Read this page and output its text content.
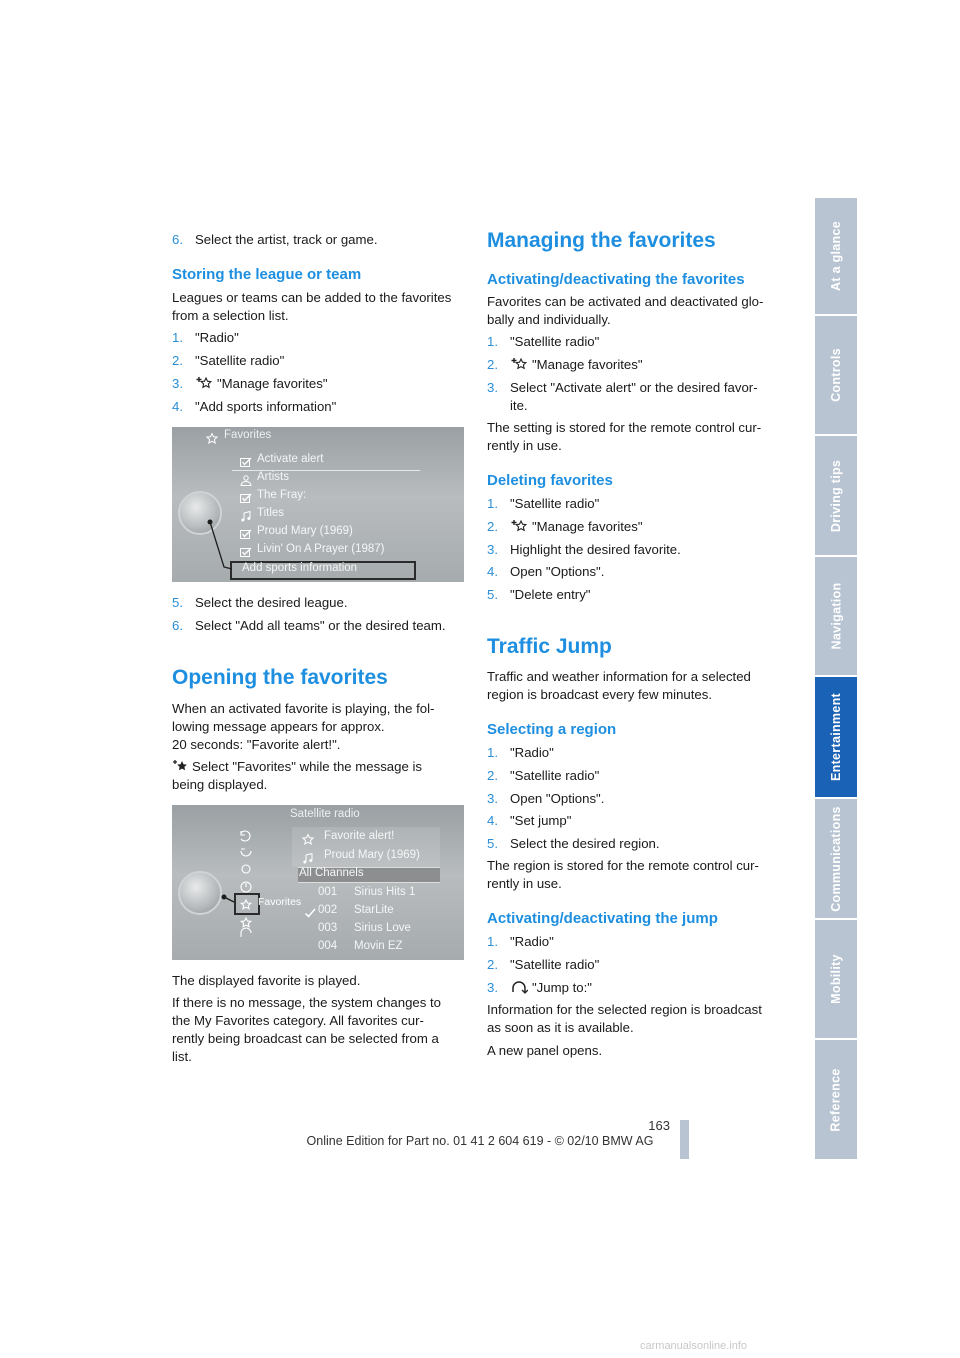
6. Select the artist, track or game.
Storing the league or team

Leagues or teams can be added to the favorites from a selection list.

1. "Radio"
2. "Satellite radio"
3.	"Manage favorites"
4. "Add sports information"
Favorites
Activate alert
Artists
The Fray:
Titles
Proud Mary (1969)
Livin' On A Prayer (1987)
Add sports information
5. Select the desired league.
6. Select "Add all teams" or the desired team.
Opening the favorites

When an activated favorite is playing, the fol-

lowing message appears for approx.

20 seconds: "Favorite alert!".

Select "Favorites" while the message is

being displayed.

Satellite radio
Favorites
Favorite alert!
Proud Mary (1969)
All Channels
001 Sirius Hits 1
002 StarLite
003 Sirius Love
004 Movin EZ

The displayed favorite is played.

If there is no message, the system changes to

the My Favorites category. All favorites cur-

rently being broadcast can be selected from a

list.

Managing the favorites
Activating/deactivating the favorites

Favorites can be activated and deactivated glo-

bally and individually.

1. "Satellite radio"
2.	"Manage favorites"
3. Select "Activate alert" or the desired favor-

ite.

The setting is stored for the remote control cur-

rently in use.

Deleting favorites
1. "Satellite radio"
2.	"Manage favorites"
3. Highlight the desired favorite.
4. Open "Options".
5. "Delete entry"
Traffic Jump

Traffic and weather information for a selected

region is broadcast every few minutes.

Selecting a region
1. "Radio"
2. "Satellite radio"
3. Open "Options".
4. "Set jump"
5. Select the desired region.

The region is stored for the remote control cur-

rently in use.

Activating/deactivating the jump
1. "Radio"
2. "Satellite radio"
3.	"Jump to:"

Information for the selected region is broadcast

as soon as it is available.

A new panel opens.

At a glance
Controls
Driving tips
Navigation
Entertainment
Communications
Mobility
Reference
163
Online Edition for Part no. 01 41 2 604 619 - © 02/10 BMW AG
carmanualsonline.info
